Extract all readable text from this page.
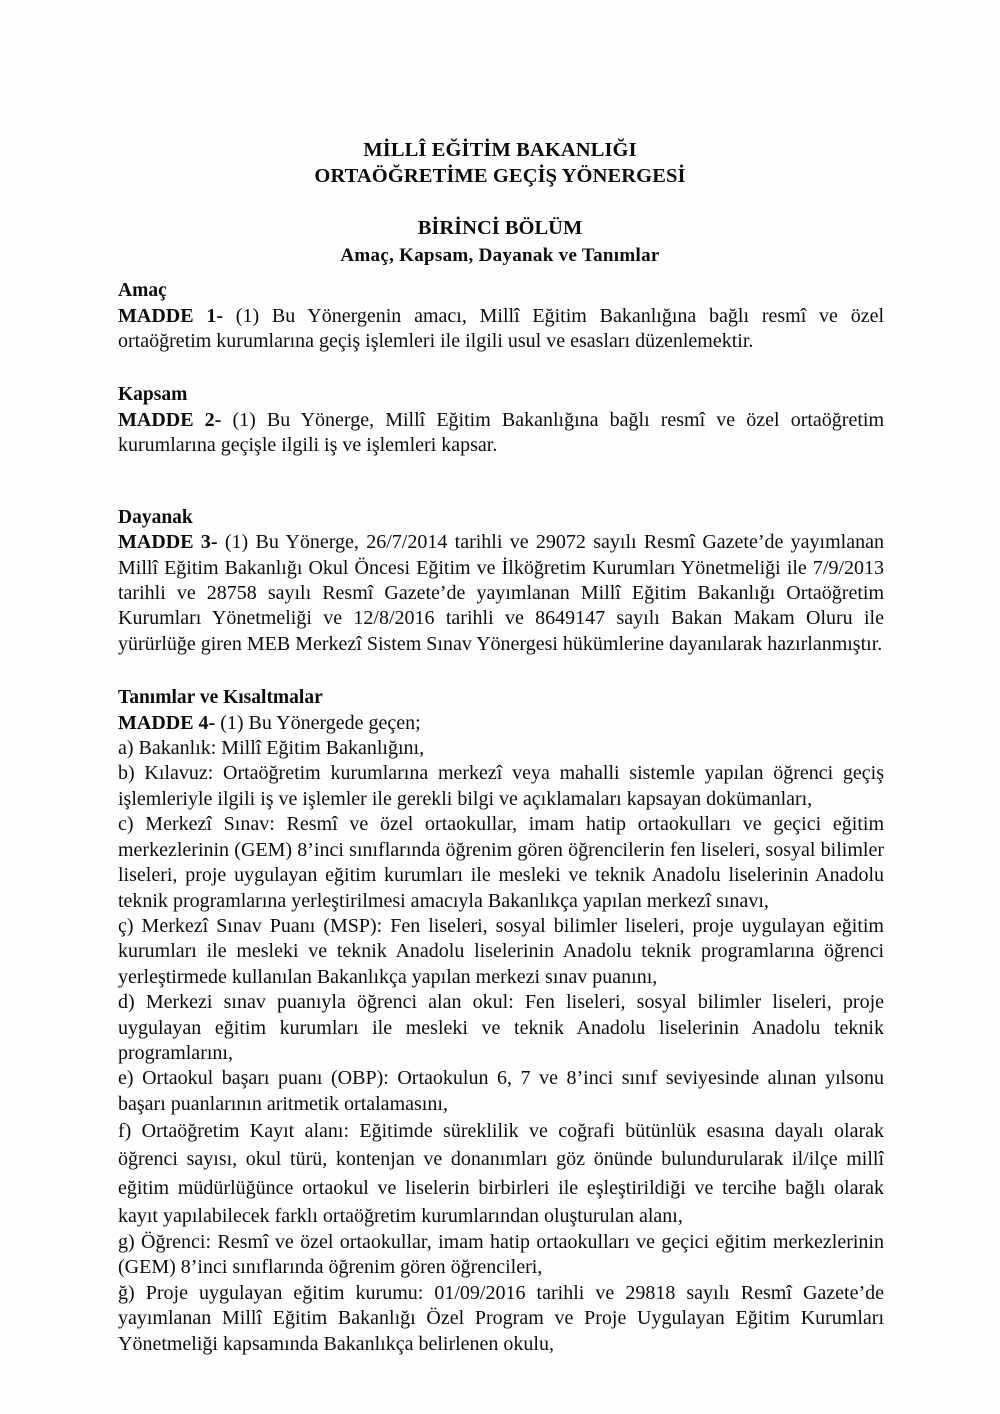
MİLLÎ EĞİTİM BAKANLIĞI
ORTAÖĞRETİME GEÇİŞ YÖNERGESİ
BİRİNCİ BÖLÜM
Amaç, Kapsam, Dayanak ve Tanımlar
Amaç

MADDE 1- (1) Bu Yönergenin amacı, Millî Eğitim Bakanlığına bağlı resmî ve özel ortaöğretim kurumlarına geçiş işlemleri ile ilgili usul ve esasları düzenlemektir.

Kapsam

MADDE 2- (1) Bu Yönerge, Millî Eğitim Bakanlığına bağlı resmî ve özel ortaöğretim kurumlarına geçişle ilgili iş ve işlemleri kapsar.

Dayanak

MADDE 3- (1) Bu Yönerge, 26/7/2014 tarihli ve 29072 sayılı Resmî Gazete’de yayımlanan Millî Eğitim Bakanlığı Okul Öncesi Eğitim ve İlköğretim Kurumları Yönetmeliği ile 7/9/2013 tarihli ve 28758 sayılı Resmî Gazete’de yayımlanan Millî Eğitim Bakanlığı Ortaöğretim Kurumları Yönetmeliği ve 12/8/2016 tarihli ve 8649147 sayılı Bakan Makam Oluru ile yürürlüğe giren MEB Merkezî Sistem Sınav Yönergesi hükümlerine dayanılarak hazırlanmıştır.

Tanımlar ve Kısaltmalar

MADDE 4- (1) Bu Yönergede geçen;

a) Bakanlık: Millî Eğitim Bakanlığını,

b) Kılavuz: Ortaöğretim kurumlarına merkezî veya mahalli sistemle yapılan öğrenci geçiş işlemleriyle ilgili iş ve işlemler ile gerekli bilgi ve açıklamaları kapsayan dokümanları,

c) Merkezî Sınav: Resmî ve özel ortaokullar, imam hatip ortaokulları ve geçici eğitim merkezlerinin (GEM) 8’inci sınıflarında öğrenim gören öğrencilerin fen liseleri, sosyal bilimler liseleri, proje uygulayan eğitim kurumları ile mesleki ve teknik Anadolu liselerinin Anadolu teknik programlarına yerleştirilmesi amacıyla Bakanlıkça yapılan merkezî sınavı,

ç) Merkezî Sınav Puanı (MSP): Fen liseleri, sosyal bilimler liseleri, proje uygulayan eğitim kurumları ile mesleki ve teknik Anadolu liselerinin Anadolu teknik programlarına öğrenci yerleştirmede kullanılan Bakanlıkça yapılan merkezi sınav puanını,

d) Merkezi sınav puanıyla öğrenci alan okul: Fen liseleri, sosyal bilimler liseleri, proje uygulayan eğitim kurumları ile mesleki ve teknik Anadolu liselerinin Anadolu teknik programlarını,

e) Ortaokul başarı puanı (OBP): Ortaokulun 6, 7 ve 8’inci sınıf seviyesinde alınan yılsonu başarı puanlarının aritmetik ortalamasını,

f) Ortaöğretim Kayıt alanı: Eğitimde süreklilik ve coğrafi bütünlük esasına dayalı olarak öğrenci sayısı, okul türü, kontenjan ve donanımları göz önünde bulundurularak il/ilçe millî eğitim müdürlüğünce ortaokul ve liselerin birbirleri ile eşleştirildiği ve tercihe bağlı olarak kayıt yapılabilecek farklı ortaöğretim kurumlarından oluşturulan alanı,

g) Öğrenci: Resmî ve özel ortaokullar, imam hatip ortaokulları ve geçici eğitim merkezlerinin (GEM) 8’inci sınıflarında öğrenim gören öğrencileri,

ğ) Proje uygulayan eğitim kurumu: 01/09/2016 tarihli ve 29818 sayılı Resmî Gazete’de yayımlanan Millî Eğitim Bakanlığı Özel Program ve Proje Uygulayan Eğitim Kurumları Yönetmeliği kapsamında Bakanlıkça belirlenen okulu,
